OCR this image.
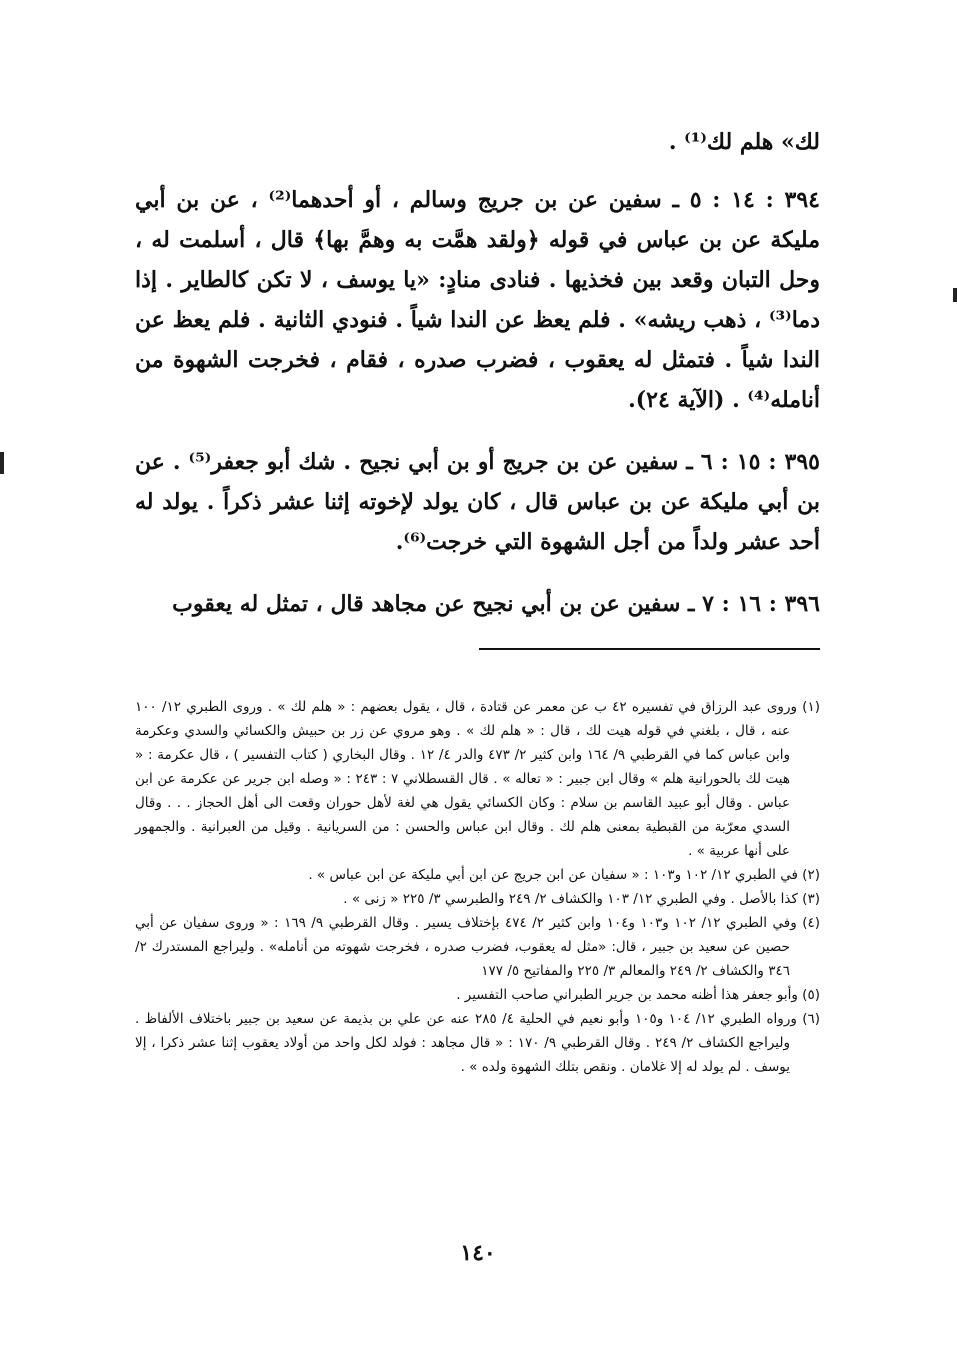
لك» هلم لك⁽¹⁾ .

٣٩٤ : ١٤ : ٥ ـ سفين عن بن جريج وسالم ، أو أحدهما⁽²⁾ ، عن بن أبي مليكة عن بن عباس في قوله ﴿ولقد همَّت به وهمَّ بها﴾ قال ، أسلمت له ، وحل التبان وقعد بين فخذيها . فنادى منادٍ: «يا يوسف ، لا تكن كالطاير . إذا دما⁽³⁾ ، ذهب ريشه» . فلم يعظ عن الندا شياً . فنودي الثانية . فلم يعظ عن الندا شياً . فتمثل له يعقوب ، فضرب صدره ، فقام ، فخرجت الشهوة من أنامله⁽⁴⁾ . (الآية ٢٤).

٣٩٥ : ١٥ : ٦ ـ سفين عن بن جريج أو بن أبي نجيح . شك أبو جعفر⁽⁵⁾ . عن بن أبي مليكة عن بن عباس قال ، كان يولد لإخوته إثنا عشر ذكراً . يولد له أحد عشر ولداً من أجل الشهوة التي خرجت⁽⁶⁾.

٣٩٦ : ١٦ : ٧ ـ سفين عن بن أبي نجيح عن مجاهد قال ، تمثل له يعقوب

(١) وروى عبد الرزاق في تفسيره ٤٢ ب عن معمر عن قتادة ، قال ، يقول بعضهم : « هلم لك » . وروى الطبري ١٢/ ١٠٠ عنه ، قال ، بلغني في قوله هيت لك ، قال : « هلم لك » . وهو مروي عن زر بن حبيش والكسائي والسدي وعكرمة وابن عباس كما في القرطبي ٩/ ١٦٤ وابن كثير ٢/ ٤٧٣ والدر ٤/ ١٢ . وقال البخاري ( كتاب التفسير ) ، قال عكرمة : « هيت لك بالحورانية هلم » وقال ابن جبير : « تعاله » . قال القسطلاني ٧ : ٢٤٣ : « وصله ابن جرير عن عكرمة عن ابن عباس . وقال أبو عبيد القاسم بن سلام : وكان الكسائي يقول هي لغة لأهل حوران وقعت الى أهل الحجاز . . . وقال السدي معرّبة من القبطية بمعنى هلم لك . وقال ابن عباس والحسن : من السريانية . وقيل من العبرانية . والجمهور على أنها عربية » .

(٢) في الطبري ١٢/ ١٠٢ و١٠٣ : « سفيان عن ابن جريج عن ابن أبي مليكة عن ابن عباس » .

(٣) كذا بالأصل . وفي الطبري ١٢/ ١٠٣ والكشاف ٢/ ٢٤٩ والطبرسي ٣/ ٢٢٥ « زنى » .

(٤) وفي الطبري ١٢/ ١٠٢ و١٠٣ و١٠٤ وابن كثير ٢/ ٤٧٤ بإختلاف يسير . وقال القرطبي ٩/ ١٦٩ : « وروى سفيان عن أبي حصين عن سعيد بن جبير ، قال: «مثل له يعقوب، فضرب صدره ، فخرجت شهوته من أنامله» . وليراجع المستدرك ٢/ ٣٤٦ والكشاف ٢/ ٢٤٩ والمعالم ٣/ ٢٢٥ والمفاتيح ٥/ ١٧٧

(٥) وأبو جعفر هذا أظنه محمد بن جرير الطبراني صاحب التفسير .

(٦) ورواه الطبري ١٢/ ١٠٤ و١٠٥ وأبو نعيم في الحلية ٤/ ٢٨٥ عنه عن علي بن بذيمة عن سعيد بن جبير باختلاف الألفاظ . وليراجع الكشاف ٢/ ٢٤٩ . وقال القرطبي ٩/ ١٧٠ : « قال مجاهد : فولد لكل واحد من أولاد يعقوب إثنا عشر ذكرا ، إلا يوسف . لم يولد له إلا غلامان . ونقص بتلك الشهوة ولده » .

١٤٠
